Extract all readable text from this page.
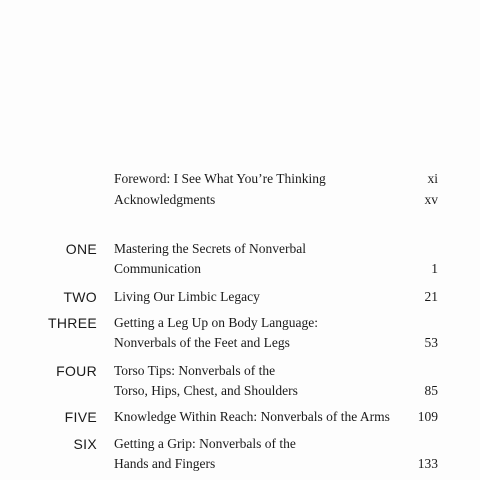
Foreword: I See What You’re Thinking	xi
Acknowledgments	xv
ONE Mastering the Secrets of Nonverbal
Communication	1
TWO Living Our Limbic Legacy	21
THREE Getting a Leg Up on Body Language:
Nonverbals of the Feet and Legs	53
FOUR Torso Tips: Nonverbals of the
Torso, Hips, Chest, and Shoulders	85
FIVE Knowledge Within Reach: Nonverbals of the Arms 109
SIX Getting a Grip: Nonverbals of the
Hands and Fingers	133
